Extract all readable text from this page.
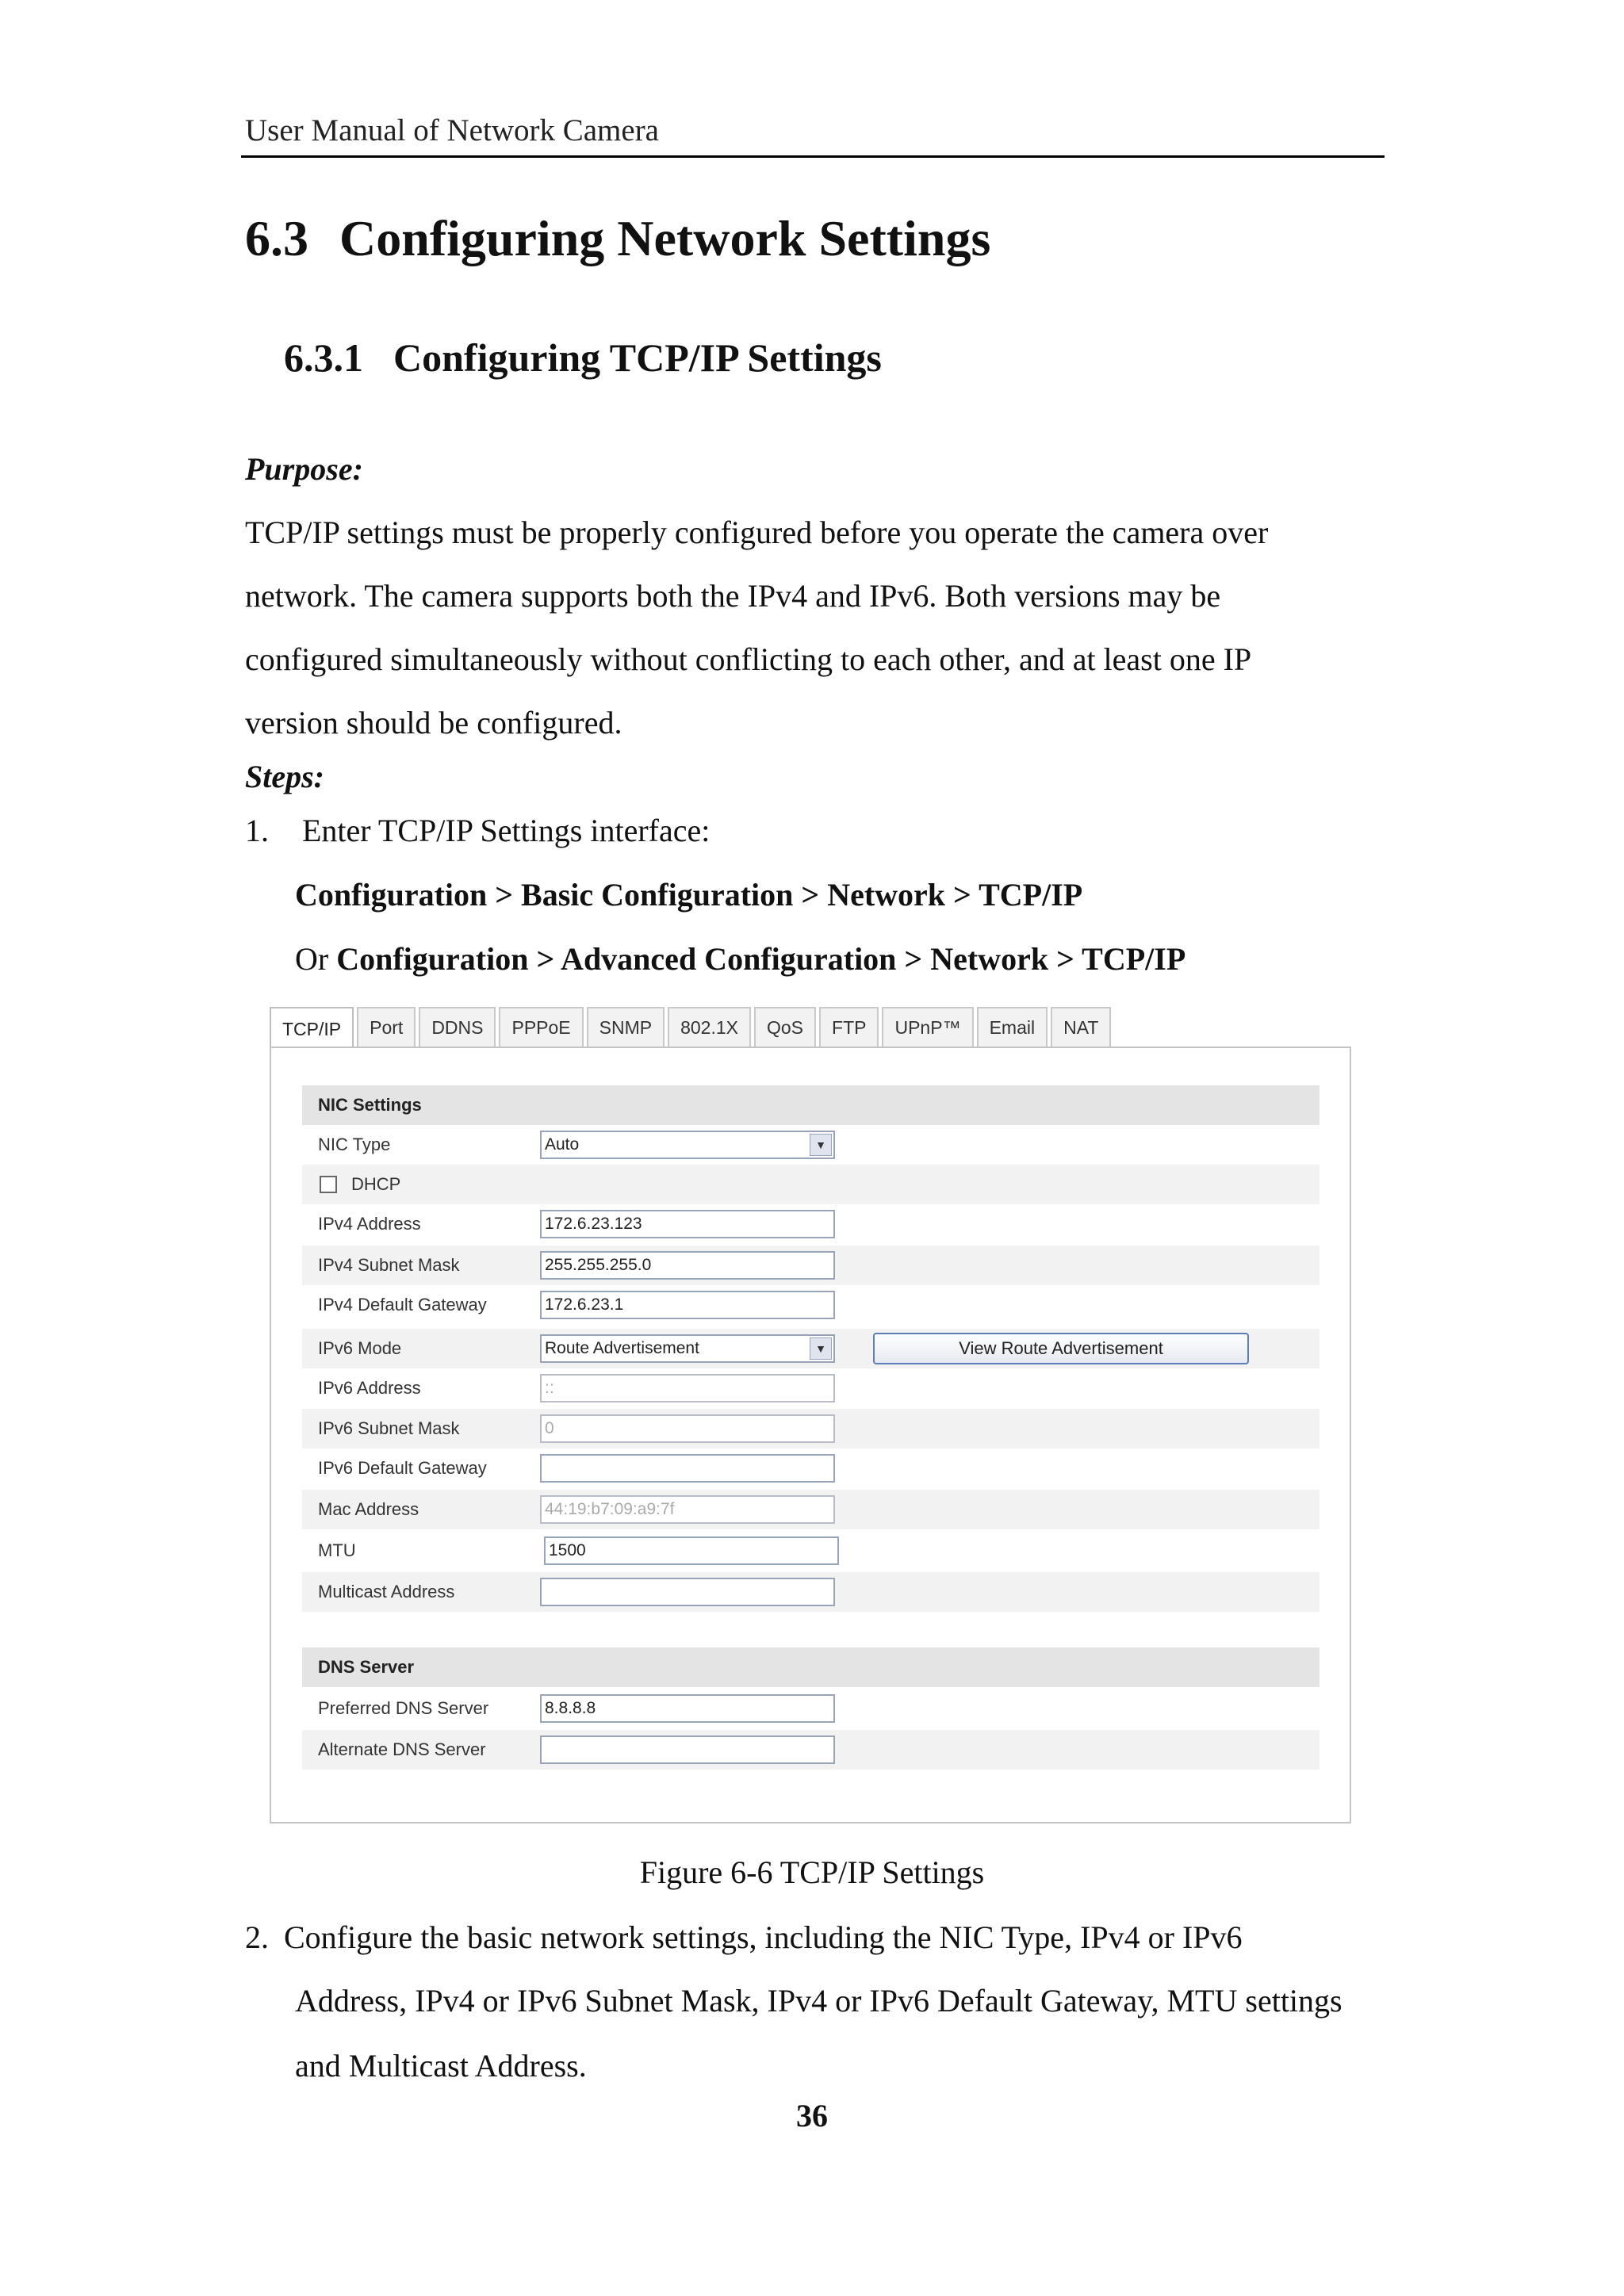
User Manual of Network Camera
6.3 Configuring Network Settings
6.3.1 Configuring TCP/IP Settings
Purpose:
TCP/IP settings must be properly configured before you operate the camera over
network. The camera supports both the IPv4 and IPv6. Both versions may be
configured simultaneously without conflicting to each other, and at least one IP
version should be configured.
Steps:
1. Enter TCP/IP Settings interface:
Configuration > Basic Configuration > Network > TCP/IP
Or Configuration > Advanced Configuration > Network > TCP/IP
TCP/IP	Port	DDNS	PPPoE	SNMP	802.1X	QoS	FTP	UPnP™	Email	NAT
NIC Settings
NIC Type	Auto	▼
DHCP
IPv4 Address	172.6.23.123
IPv4 Subnet Mask	255.255.255.0
IPv4 Default Gateway	172.6.23.1
IPv6 Mode	Route Advertisement	▼	View Route Advertisement
IPv6 Address	::
IPv6 Subnet Mask	0
IPv6 Default Gateway
Mac Address	44:19:b7:09:a9:7f
MTU	1500
Multicast Address
DNS Server
Preferred DNS Server	8.8.8.8
Alternate DNS Server
Figure 6-6 TCP/IP Settings
2. Configure the basic network settings, including the NIC Type, IPv4 or IPv6
Address, IPv4 or IPv6 Subnet Mask, IPv4 or IPv6 Default Gateway, MTU settings
and Multicast Address.
36
